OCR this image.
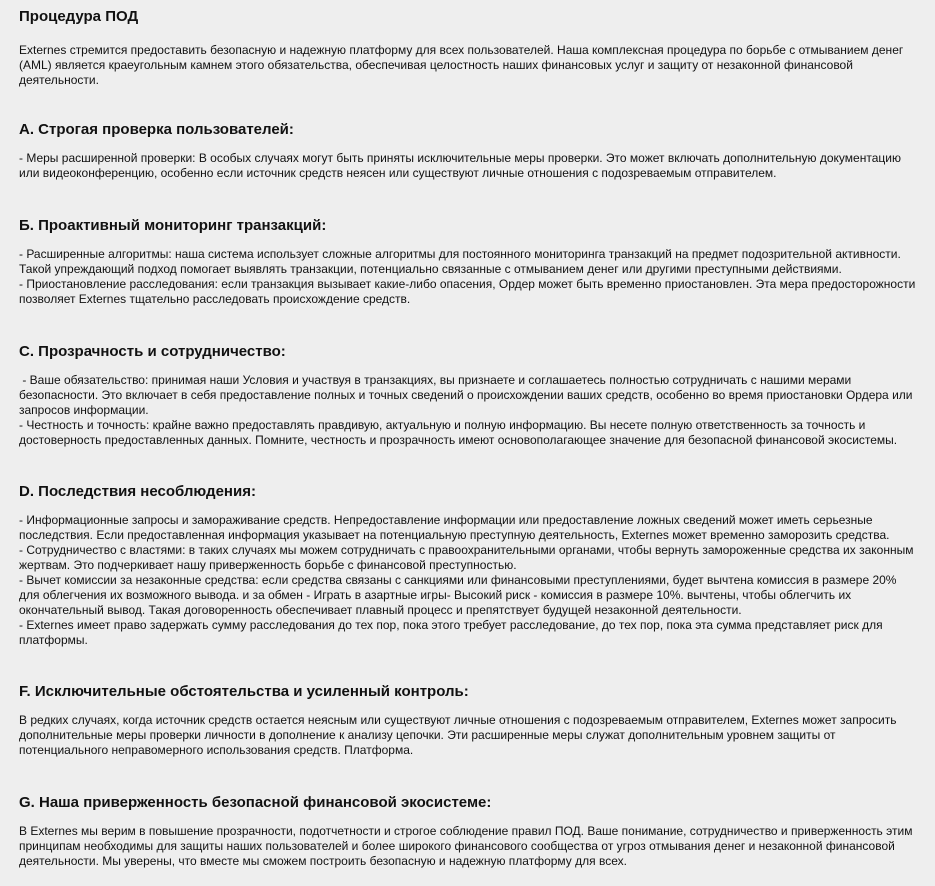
Процедура ПОД

Externes стремится предоставить безопасную и надежную платформу для всех пользователей. Наша комплексная процедура по борьбе с отмыванием денег (AML) является краеугольным камнем этого обязательства, обеспечивая целостность наших финансовых услуг и защиту от незаконной финансовой деятельности.

A. Строгая проверка пользователей:

- Меры расширенной проверки: В особых случаях могут быть приняты исключительные меры проверки. Это может включать дополнительную документацию или видеоконференцию, особенно если источник средств неясен или существуют личные отношения с подозреваемым отправителем.

Б. Проактивный мониторинг транзакций:

- Расширенные алгоритмы: наша система использует сложные алгоритмы для постоянного мониторинга транзакций на предмет подозрительной активности. Такой упреждающий подход помогает выявлять транзакции, потенциально связанные с отмыванием денег или другими преступными действиями.

- Приостановление расследования: если транзакция вызывает какие-либо опасения, Ордер может быть временно приостановлен. Эта мера предосторожности позволяет Externes тщательно расследовать происхождение средств.

C. Прозрачность и сотрудничество:

- Ваше обязательство: принимая наши Условия и участвуя в транзакциях, вы признаете и соглашаетесь полностью сотрудничать с нашими мерами безопасности. Это включает в себя предоставление полных и точных сведений о происхождении ваших средств, особенно во время приостановки Ордера или запросов информации.

- Честность и точность: крайне важно предоставлять правдивую, актуальную и полную информацию. Вы несете полную ответственность за точность и достоверность предоставленных данных. Помните, честность и прозрачность имеют основополагающее значение для безопасной финансовой экосистемы.

D. Последствия несоблюдения:

- Информационные запросы и замораживание средств. Непредоставление информации или предоставление ложных сведений может иметь серьезные последствия. Если предоставленная информация указывает на потенциальную преступную деятельность, Externes может временно заморозить средства.

- Сотрудничество с властями: в таких случаях мы можем сотрудничать с правоохранительными органами, чтобы вернуть замороженные средства их законным жертвам. Это подчеркивает нашу приверженность борьбе с финансовой преступностью.

- Вычет комиссии за незаконные средства: если средства связаны с санкциями или финансовыми преступлениями, будет вычтена комиссия в размере 20% для облегчения их возможного вывода. и за обмен - Играть в азартные игры- Высокий риск - комиссия в размере 10%. вычтены, чтобы облегчить их окончательный вывод. Такая договоренность обеспечивает плавный процесс и препятствует будущей незаконной деятельности.

- Externes имеет право задержать сумму расследования до тех пор, пока этого требует расследование, до тех пор, пока эта сумма представляет риск для платформы.

F. Исключительные обстоятельства и усиленный контроль:

В редких случаях, когда источник средств остается неясным или существуют личные отношения с подозреваемым отправителем, Externes может запросить дополнительные меры проверки личности в дополнение к анализу цепочки. Эти расширенные меры служат дополнительным уровнем защиты от потенциального неправомерного использования средств. Платформа.

G. Наша приверженность безопасной финансовой экосистеме:

В Externes мы верим в повышение прозрачности, подотчетности и строгое соблюдение правил ПОД. Ваше понимание, сотрудничество и приверженность этим принципам необходимы для защиты наших пользователей и более широкого финансового сообщества от угроз отмывания денег и незаконной финансовой деятельности. Мы уверены, что вместе мы сможем построить безопасную и надежную платформу для всех.
